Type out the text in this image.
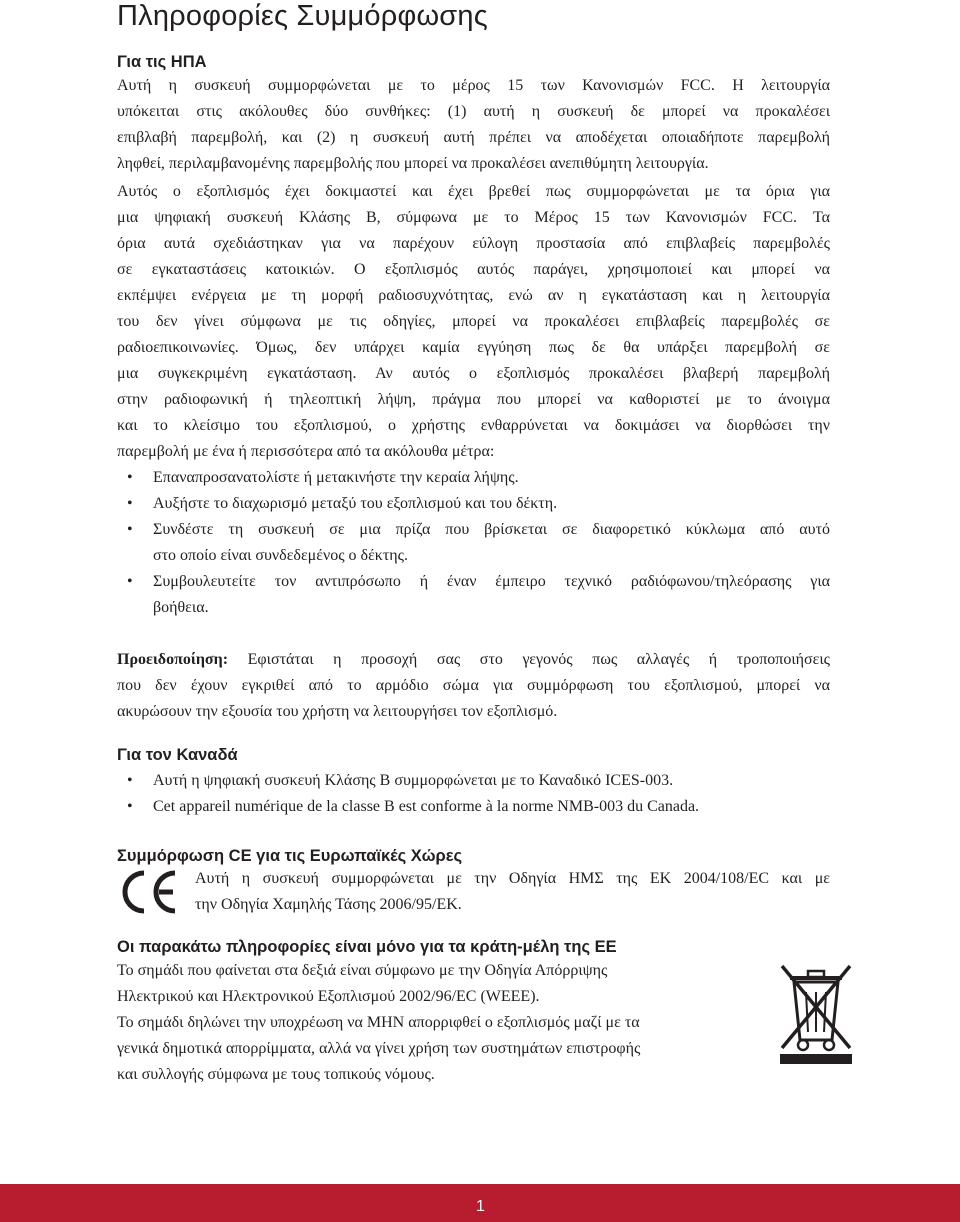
Πληροφορίες Συμμόρφωσης
Για τις ΗΠΑ

Αυτή η συσκευή συμμορφώνεται με το μέρος 15 των Κανονισμών FCC. Η λειτουργία
υπόκειται στις ακόλουθες δύο συνθήκες: (1) αυτή η συσκευή δε μπορεί να προκαλέσει
επιβλαβή παρεμβολή, και (2) η συσκευή αυτή πρέπει να αποδέχεται οποιαδήποτε παρεμβολή
ληφθεί, περιλαμβανομένης παρεμβολής που μπορεί να προκαλέσει ανεπιθύμητη λειτουργία.

Αυτός ο εξοπλισμός έχει δοκιμαστεί και έχει βρεθεί πως συμμορφώνεται με τα όρια για
μια ψηφιακή συσκευή Κλάσης B, σύμφωνα με το Μέρος 15 των Κανονισμών FCC. Τα
όρια αυτά σχεδιάστηκαν για να παρέχουν εύλογη προστασία από επιβλαβείς παρεμβολές
σε εγκαταστάσεις κατοικιών. Ο εξοπλισμός αυτός παράγει, χρησιμοποιεί και μπορεί να
εκπέμψει ενέργεια με τη μορφή ραδιοσυχνότητας, ενώ αν η εγκατάσταση και η λειτουργία
του δεν γίνει σύμφωνα με τις οδηγίες, μπορεί να προκαλέσει επιβλαβείς παρεμβολές σε
ραδιοεπικοινωνίες. Όμως, δεν υπάρχει καμία εγγύηση πως δε θα υπάρξει παρεμβολή σε
μια συγκεκριμένη εγκατάσταση. Αν αυτός ο εξοπλισμός προκαλέσει βλαβερή παρεμβολή
στην ραδιοφωνική ή τηλεοπτική λήψη, πράγμα που μπορεί να καθοριστεί με το άνοιγμα
και το κλείσιμο του εξοπλισμού, ο χρήστης ενθαρρύνεται να δοκιμάσει να διορθώσει την
παρεμβολή με ένα ή περισσότερα από τα ακόλουθα μέτρα:

• Επαναπροσανατολίστε ή μετακινήστε την κεραία λήψης.
• Αυξήστε το διαχωρισμό μεταξύ του εξοπλισμού και του δέκτη.
• Συνδέστε τη συσκευή σε μια πρίζα που βρίσκεται σε διαφορετικό κύκλωμα από αυτό
στο οποίο είναι συνδεδεμένος ο δέκτης.
• Συμβουλευτείτε τον αντιπρόσωπο ή έναν έμπειρο τεχνικό ραδιόφωνου/τηλεόρασης για
βοήθεια.

Προειδοποίηση: Εφιστάται η προσοχή σας στο γεγονός πως αλλαγές ή τροποποιήσεις
που δεν έχουν εγκριθεί από το αρμόδιο σώμα για συμμόρφωση του εξοπλισμού, μπορεί να
ακυρώσουν την εξουσία του χρήστη να λειτουργήσει τον εξοπλισμό.

Για τον Καναδά
• Αυτή η ψηφιακή συσκευή Κλάσης B συμμορφώνεται με το Καναδικό ICES-003.
• Cet appareil numérique de la classe B est conforme à la norme NMB-003 du Canada.
Συμμόρφωση CE για τις Ευρωπαϊκές Χώρες

Αυτή η συσκευή συμμορφώνεται με την Οδηγία ΗΜΣ της ΕΚ 2004/108/EC και με
την Οδηγία Χαμηλής Τάσης 2006/95/EK.

Οι παρακάτω πληροφορίες είναι μόνο για τα κράτη-μέλη της ΕΕ

Το σημάδι που φαίνεται στα δεξιά είναι σύμφωνο με την Οδηγία Απόρριψης
Ηλεκτρικού και Ηλεκτρονικού Εξοπλισμού 2002/96/EC (WEEE).
Το σημάδι δηλώνει την υποχρέωση να ΜΗΝ απορριφθεί ο εξοπλισμός μαζί με τα
γενικά δημοτικά απορρίμματα, αλλά να γίνει χρήση των συστημάτων επιστροφής
και συλλογής σύμφωνα με τους τοπικούς νόμους.

1
